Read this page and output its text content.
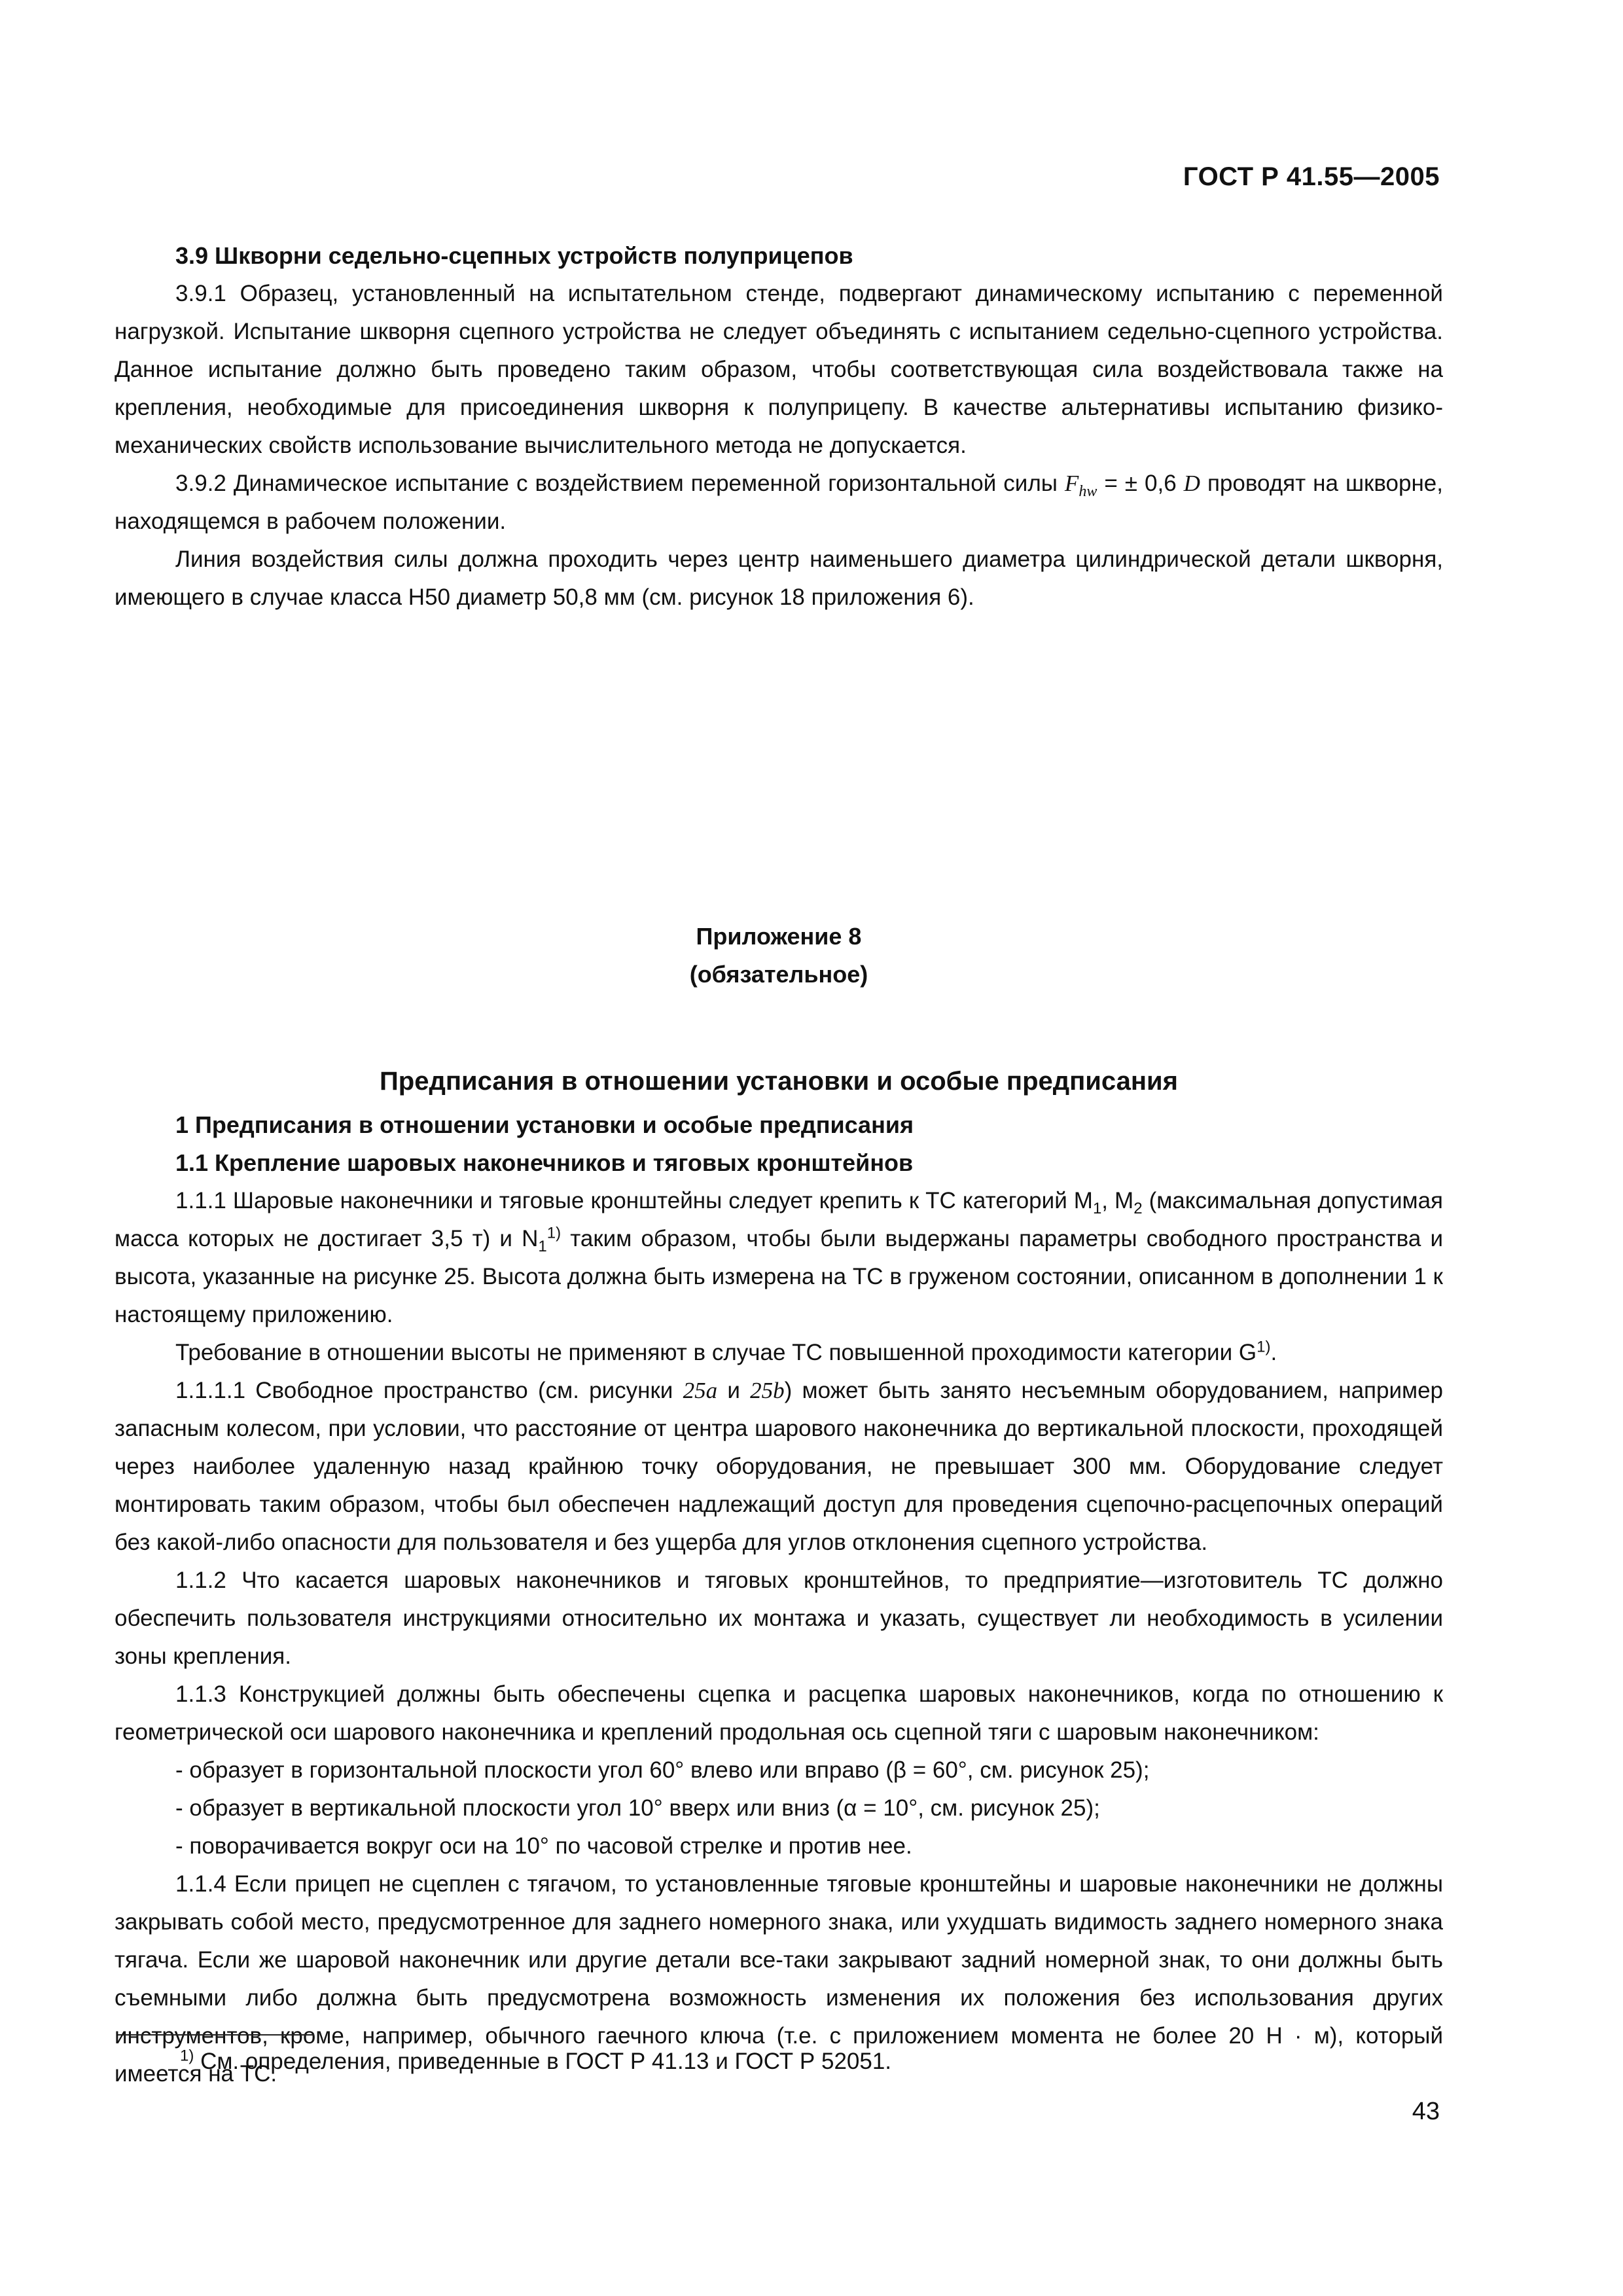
ГОСТ Р 41.55—2005

3.9 Шкворни седельно-сцепных устройств полуприцепов

3.9.1 Образец, установленный на испытательном стенде, подвергают динамическому испытанию с переменной нагрузкой. Испытание шкворня сцепного устройства не следует объединять с испытанием седельно-сцепного устройства. Данное испытание должно быть проведено таким образом, чтобы соответствующая сила воздействовала также на крепления, необходимые для присоединения шкворня к полуприцепу. В качестве альтернативы испытанию физико-механических свойств использование вычислительного метода не допускается.

3.9.2 Динамическое испытание с воздействием переменной горизонтальной силы $F_{hw}$ = ± 0,6 D проводят на шкворне, находящемся в рабочем положении.

Линия воздействия силы должна проходить через центр наименьшего диаметра цилиндрической детали шкворня, имеющего в случае класса H50 диаметр 50,8 мм (см. рисунок 18 приложения 6).

Приложение 8
(обязательное)
Предписания в отношении установки и особые предписания

1 Предписания в отношении установки и особые предписания

1.1 Крепление шаровых наконечников и тяговых кронштейнов

1.1.1 Шаровые наконечники и тяговые кронштейны следует крепить к ТС категорий $M_1$, $M_2$ (максимальная допустимая масса которых не достигает 3,5 т) и $N_1^{1)}$ таким образом, чтобы были выдержаны параметры свободного пространства и высота, указанные на рисунке 25. Высота должна быть измерена на ТС в груженом состоянии, описанном в дополнении 1 к настоящему приложению.

Требование в отношении высоты не применяют в случае ТС повышенной проходимости категории $G^{1)}$.

1.1.1.1 Свободное пространство (см. рисунки 25a и 25b) может быть занято несъемным оборудованием, например запасным колесом, при условии, что расстояние от центра шарового наконечника до вертикальной плоскости, проходящей через наиболее удаленную назад крайнюю точку оборудования, не превышает 300 мм. Оборудование следует монтировать таким образом, чтобы был обеспечен надлежащий доступ для проведения сцепочно-расцепочных операций без какой-либо опасности для пользователя и без ущерба для углов отклонения сцепного устройства.

1.1.2 Что касается шаровых наконечников и тяговых кронштейнов, то предприятие—изготовитель ТС должно обеспечить пользователя инструкциями относительно их монтажа и указать, существует ли необходимость в усилении зоны крепления.

1.1.3 Конструкцией должны быть обеспечены сцепка и расцепка шаровых наконечников, когда по отношению к геометрической оси шарового наконечника и креплений продольная ось сцепной тяги с шаровым наконечником:

- образует в горизонтальной плоскости угол 60° влево или вправо (β = 60°, см. рисунок 25);

- образует в вертикальной плоскости угол 10° вверх или вниз (α = 10°, см. рисунок 25);

- поворачивается вокруг оси на 10° по часовой стрелке и против нее.

1.1.4 Если прицеп не сцеплен с тягачом, то установленные тяговые кронштейны и шаровые наконечники не должны закрывать собой место, предусмотренное для заднего номерного знака, или ухудшать видимость заднего номерного знака тягача. Если же шаровой наконечник или другие детали все-таки закрывают задний номерной знак, то они должны быть съемными либо должна быть предусмотрена возможность изменения их положения без использования других инструментов, кроме, например, обычного гаечного ключа (т.е. с приложением момента не более 20 Н · м), который имеется на ТС.

$^{1)}$ См. определения, приведенные в ГОСТ Р 41.13 и ГОСТ Р 52051.
43
